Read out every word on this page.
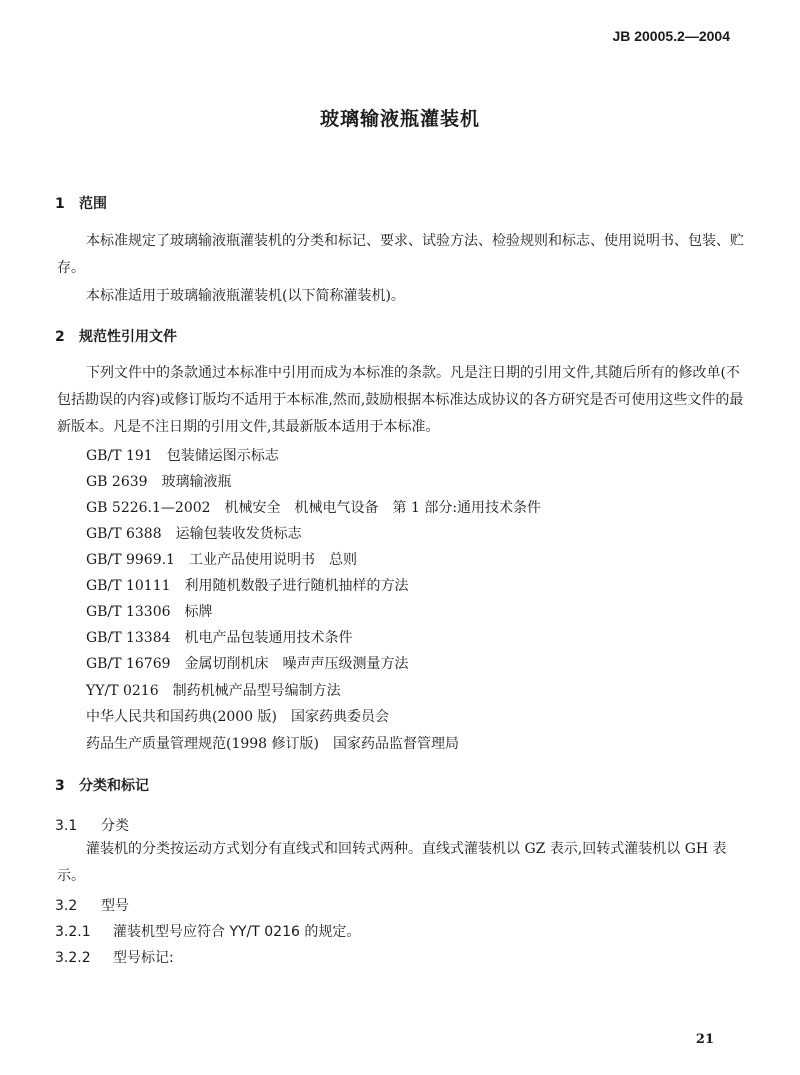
JB 20005.2—2004
玻璃输液瓶灌装机
1 范围
本标准规定了玻璃输液瓶灌装机的分类和标记、要求、试验方法、检验规则和标志、使用说明书、包装、贮存。
本标准适用于玻璃输液瓶灌装机(以下简称灌装机)。
2 规范性引用文件
下列文件中的条款通过本标准中引用而成为本标准的条款。凡是注日期的引用文件,其随后所有的修改单(不包括勘误的内容)或修订版均不适用于本标准,然而,鼓励根据本标准达成协议的各方研究是否可使用这些文件的最新版本。凡是不注日期的引用文件,其最新版本适用于本标准。
GB/T 191　包装储运图示标志
GB 2639　玻璃输液瓶
GB 5226.1—2002　机械安全　机械电气设备　第 1 部分:通用技术条件
GB/T 6388　运输包装收发货标志
GB/T 9969.1　工业产品使用说明书　总则
GB/T 10111　利用随机数骰子进行随机抽样的方法
GB/T 13306　标牌
GB/T 13384　机电产品包装通用技术条件
GB/T 16769　金属切削机床　噪声声压级测量方法
YY/T 0216　制药机械产品型号编制方法
中华人民共和国药典(2000 版)　国家药典委员会
药品生产质量管理规范(1998 修订版)　国家药品监督管理局
3 分类和标记
3.1 分类
灌装机的分类按运动方式划分有直线式和回转式两种。直线式灌装机以 GZ 表示,回转式灌装机以 GH 表示。
3.2 型号
3.2.1 灌装机型号应符合 YY/T 0216 的规定。
3.2.2 型号标记:
21
